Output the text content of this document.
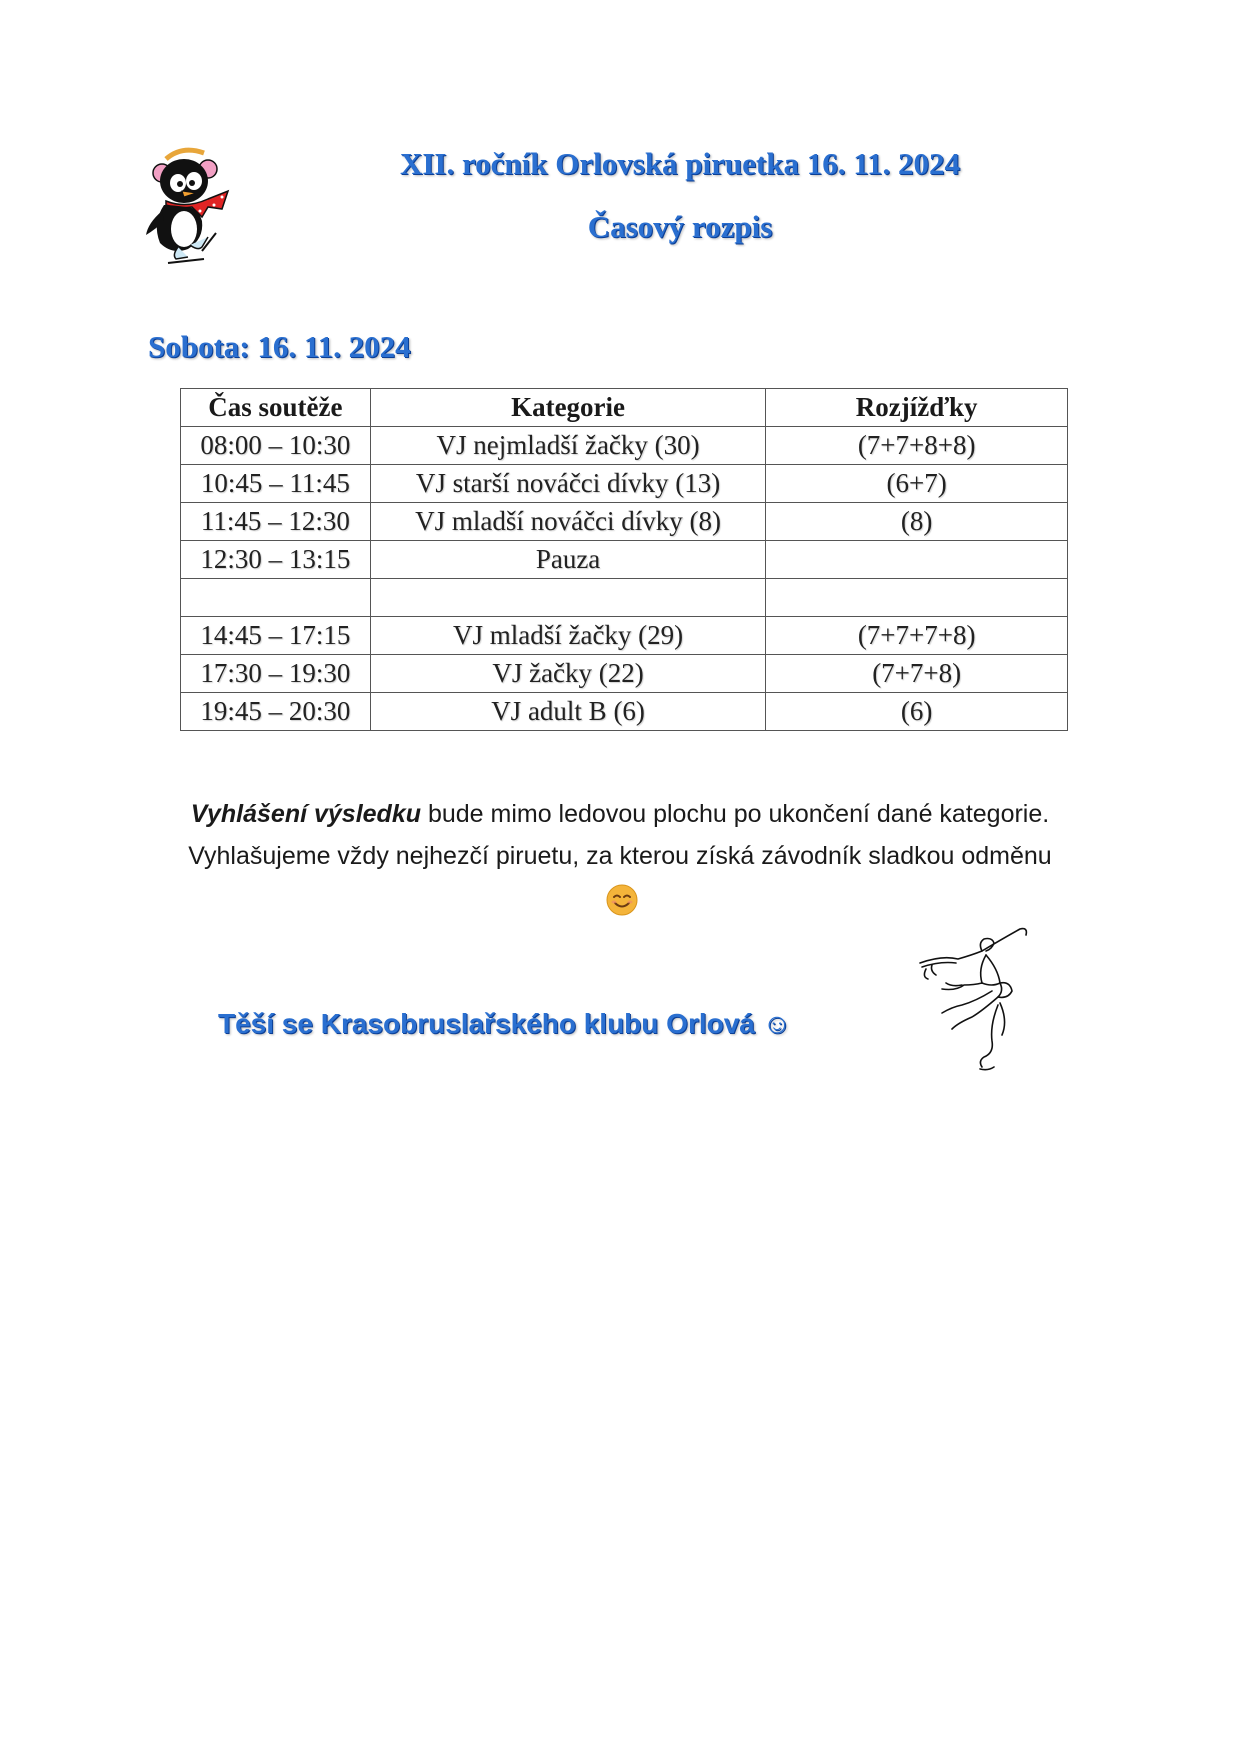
XII. ročník Orlovská piruetka 16. 11. 2024
Časový rozpis
Sobota: 16. 11. 2024
Čas soutěže	Kategorie	Rozjížďky
08:00 – 10:30	VJ nejmladší žačky (30)	(7+7+8+8)
10:45 – 11:45	VJ starší nováčci dívky (13)	(6+7)
11:45 – 12:30	VJ mladší nováčci dívky (8)	(8)
12:30 – 13:15	Pauza	

14:45 – 17:15	VJ mladší žačky (29)	(7+7+7+8)
17:30 – 19:30	VJ žačky (22)	(7+7+8)
19:45 – 20:30	VJ adult B (6)	(6)
Vyhlášení výsledku bude mimo ledovou plochu po ukončení dané kategorie.
Vyhlašujeme vždy nejhezčí piruetu, za kterou získá závodník sladkou odměnu
Těší se Krasobruslařského klubu Orlová ☺
